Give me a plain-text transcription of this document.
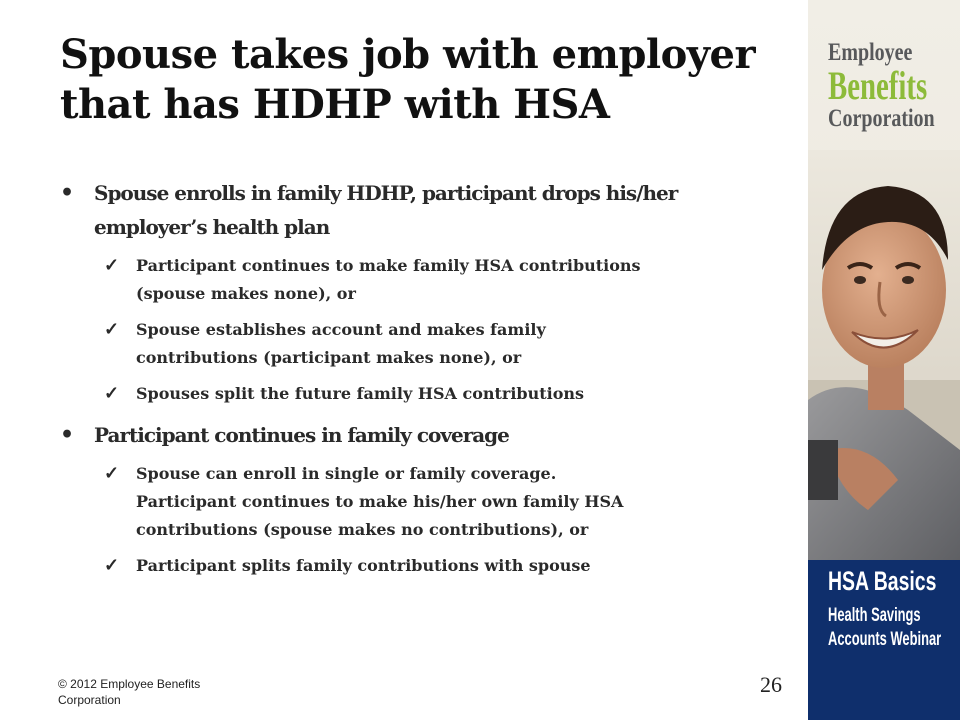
Spouse takes job with employer
that has HDHP with HSA
• Spouse enrolls in family HDHP, participant drops his/her
employer’s health plan
✓ Participant continues to make family HSA contributions
(spouse makes none), or
✓ Spouse establishes account and makes family
contributions (participant makes none), or
✓ Spouses split the future family HSA contributions
• Participant continues in family coverage
✓ Spouse can enroll in single or family coverage.
Participant continues to make his/her own family HSA
contributions (spouse makes no contributions), or
✓ Participant splits family contributions with spouse
© 2012 Employee Benefits
Corporation
26
Employee
Benefits
Corporation
HSA Basics
Health Savings
Accounts Webinar
